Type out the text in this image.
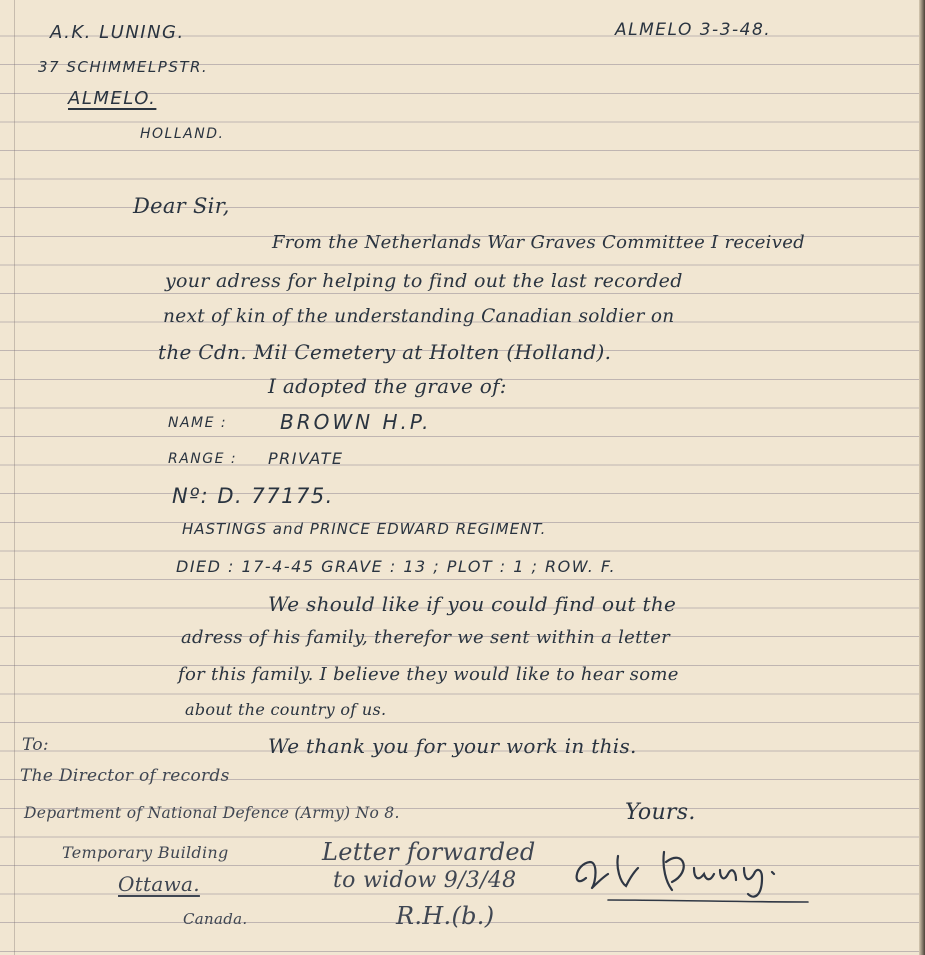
A.K. LUNING.
37 SCHIMMELPSTR.
ALMELO.
HOLLAND.
ALMELO 3-3-48.
Dear Sir,
From the Netherlands War Graves Committee I received
your adress for helping to find out the last recorded
next of kin of the understanding Canadian soldier on
the Cdn. Mil Cemetery at Holten (Holland).
I adopted the grave of:
NAME :	BROWN H.P.
RANGE : PRIVATE
Nº: D. 77175.
HASTINGS and PRINCE EDWARD REGIMENT.
DIED : 17-4-45 GRAVE : 13 ; PLOT : 1 ; ROW. F.
We should like if you could find out the
adress of his family, therefor we sent within a letter
for this family. I believe they would like to hear some
about the country of us.
We thank you for your work in this.
To:
The Director of records
Department of National Defence (Army) No 8.
Temporary Building
Ottawa.
Canada.
Yours.
Letter forwarded
to widow 9/3/48
R.H.(b.)
